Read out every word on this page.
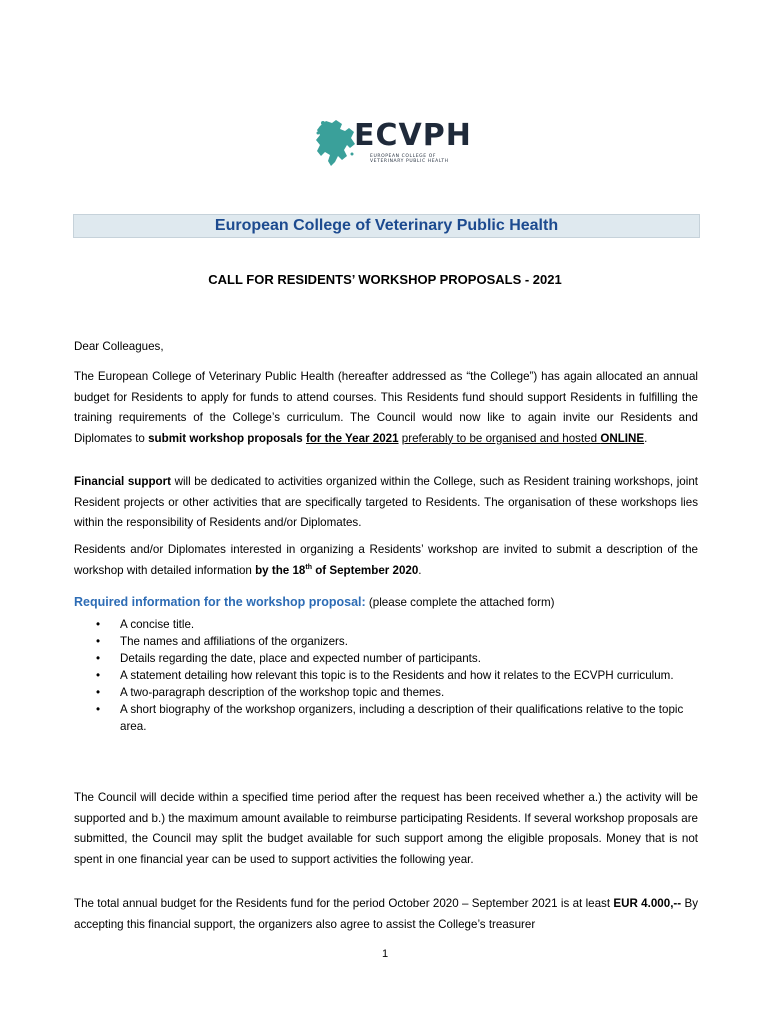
ECVPH
EUROPEAN COLLEGE OF
VETERINARY PUBLIC HEALTH
European College of Veterinary Public Health
CALL FOR RESIDENTS’ WORKSHOP PROPOSALS - 2021
Dear Colleagues,
The European College of Veterinary Public Health (hereafter addressed as “the College”) has again allocated an annual budget for Residents to apply for funds to attend courses. This Residents fund should support Residents in fulfilling the training requirements of the College’s curriculum. The Council would now like to again invite our Residents and Diplomates to submit workshop proposals for the Year 2021 preferably to be organised and hosted ONLINE.
Financial support will be dedicated to activities organized within the College, such as Resident training workshops, joint Resident projects or other activities that are specifically targeted to Residents. The organisation of these workshops lies within the responsibility of Residents and/or Diplomates.
Residents and/or Diplomates interested in organizing a Residents’ workshop are invited to submit a description of the workshop with detailed information by the 18th of September 2020.
Required information for the workshop proposal: (please complete the attached form)
• A concise title.
• The names and affiliations of the organizers.
• Details regarding the date, place and expected number of participants.
• A statement detailing how relevant this topic is to the Residents and how it relates to the ECVPH curriculum.
• A two-paragraph description of the workshop topic and themes.
• A short biography of the workshop organizers, including a description of their qualifications relative to the topic area.
The Council will decide within a specified time period after the request has been received whether a.) the activity will be supported and b.) the maximum amount available to reimburse participating Residents. If several workshop proposals are submitted, the Council may split the budget available for such support among the eligible proposals. Money that is not spent in one financial year can be used to support activities the following year.
The total annual budget for the Residents fund for the period October 2020 – September 2021 is at least EUR 4.000,-- By accepting this financial support, the organizers also agree to assist the College’s treasurer
1
